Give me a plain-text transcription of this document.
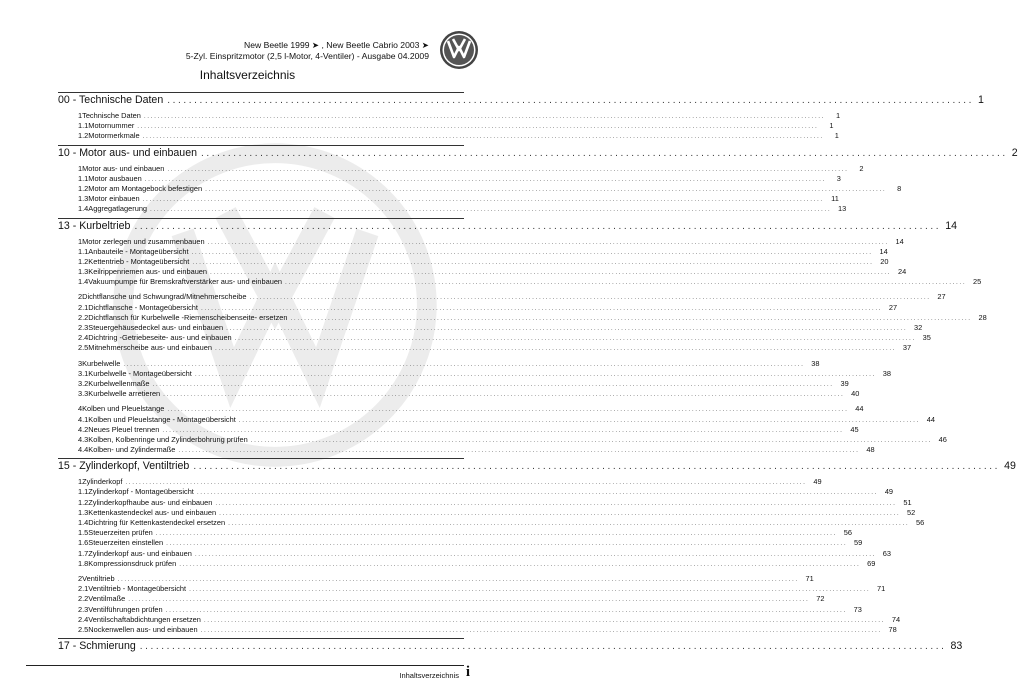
New Beetle 1999 ➤ , New Beetle Cabrio 2003 ➤
5-Zyl. Einspritzmotor (2,5 l-Motor, 4-Ventiler) - Ausgabe 04.2009
Inhaltsverzeichnis
00 - Technische Daten ...................................................................................................................................................... 1
1 Technische Daten ........................................................................................................................................................................................................	1
1.1 Motornummer ........................................................................................................................................................................................................	1
1.2 Motormerkmale ........................................................................................................................................................................................................	1
10 - Motor aus- und einbauen ...................................................................................................................................................... 2
1 Motor aus- und einbauen ........................................................................................................................................................................................................	2
1.1 Motor ausbauen ........................................................................................................................................................................................................	3
1.2 Motor am Montagebock befestigen ........................................................................................................................................................................................................	8
1.3 Motor einbauen ........................................................................................................................................................................................................ 11
1.4 Aggregatlagerung ........................................................................................................................................................................................................ 13
13 - Kurbeltrieb ...................................................................................................................................................... 14
1 Motor zerlegen und zusammenbauen ........................................................................................................................................................................................................ 14
1.1 Anbauteile - Montageübersicht ........................................................................................................................................................................................................ 14
1.2 Kettentrieb - Montageübersicht ........................................................................................................................................................................................................ 20
1.3 Keilrippenriemen aus- und einbauen ........................................................................................................................................................................................................ 24
1.4 Vakuumpumpe für Bremskraftverstärker aus- und einbauen ........................................................................................................................................................................................................ 25
2 Dichtflansche und Schwungrad/Mitnehmerscheibe ........................................................................................................................................................................................................ 27
2.1 Dichtflansche - Montageübersicht ........................................................................................................................................................................................................ 27
2.2 Dichtflansch für Kurbelwelle -Riemenscheibenseite- ersetzen ........................................................................................................................................................................................................ 28
2.3 Steuergehäusedeckel aus- und einbauen ........................................................................................................................................................................................................ 32
2.4 Dichtring -Getriebeseite- aus- und einbauen ........................................................................................................................................................................................................ 35
2.5 Mitnehmerscheibe aus- und einbauen ........................................................................................................................................................................................................ 37
3 Kurbelwelle ........................................................................................................................................................................................................ 38
3.1 Kurbelwelle - Montageübersicht ........................................................................................................................................................................................................ 38
3.2 Kurbelwellenmaße ........................................................................................................................................................................................................ 39
3.3 Kurbelwelle arretieren ........................................................................................................................................................................................................ 40
4 Kolben und Pleuelstange ........................................................................................................................................................................................................ 44
4.1 Kolben und Pleuelstange - Montageübersicht ........................................................................................................................................................................................................ 44
4.2 Neues Pleuel trennen ........................................................................................................................................................................................................ 45
4.3 Kolben, Kolbenringe und Zylinderbohrung prüfen ........................................................................................................................................................................................................ 46
4.4 Kolben- und Zylindermaße ........................................................................................................................................................................................................ 48
15 - Zylinderkopf, Ventiltrieb ...................................................................................................................................................... 49
1 Zylinderkopf ........................................................................................................................................................................................................ 49
1.1 Zylinderkopf - Montageübersicht ........................................................................................................................................................................................................ 49
1.2 Zylinderkopfhaube aus- und einbauen ........................................................................................................................................................................................................ 51
1.3 Kettenkastendeckel aus- und einbauen ........................................................................................................................................................................................................ 52
1.4 Dichtring für Kettenkastendeckel ersetzen ........................................................................................................................................................................................................ 56
1.5 Steuerzeiten prüfen ........................................................................................................................................................................................................ 56
1.6 Steuerzeiten einstellen ........................................................................................................................................................................................................ 59
1.7 Zylinderkopf aus- und einbauen ........................................................................................................................................................................................................ 63
1.8 Kompressionsdruck prüfen ........................................................................................................................................................................................................ 69
2 Ventiltrieb ........................................................................................................................................................................................................ 71
2.1 Ventiltrieb - Montageübersicht ........................................................................................................................................................................................................ 71
2.2 Ventilmaße ........................................................................................................................................................................................................ 72
2.3 Ventilführungen prüfen ........................................................................................................................................................................................................ 73
2.4 Ventilschaftabdichtungen ersetzen ........................................................................................................................................................................................................ 74
2.5 Nockenwellen aus- und einbauen ........................................................................................................................................................................................................ 78
17 - Schmierung ...................................................................................................................................................... 83
Inhaltsverzeichnis i
